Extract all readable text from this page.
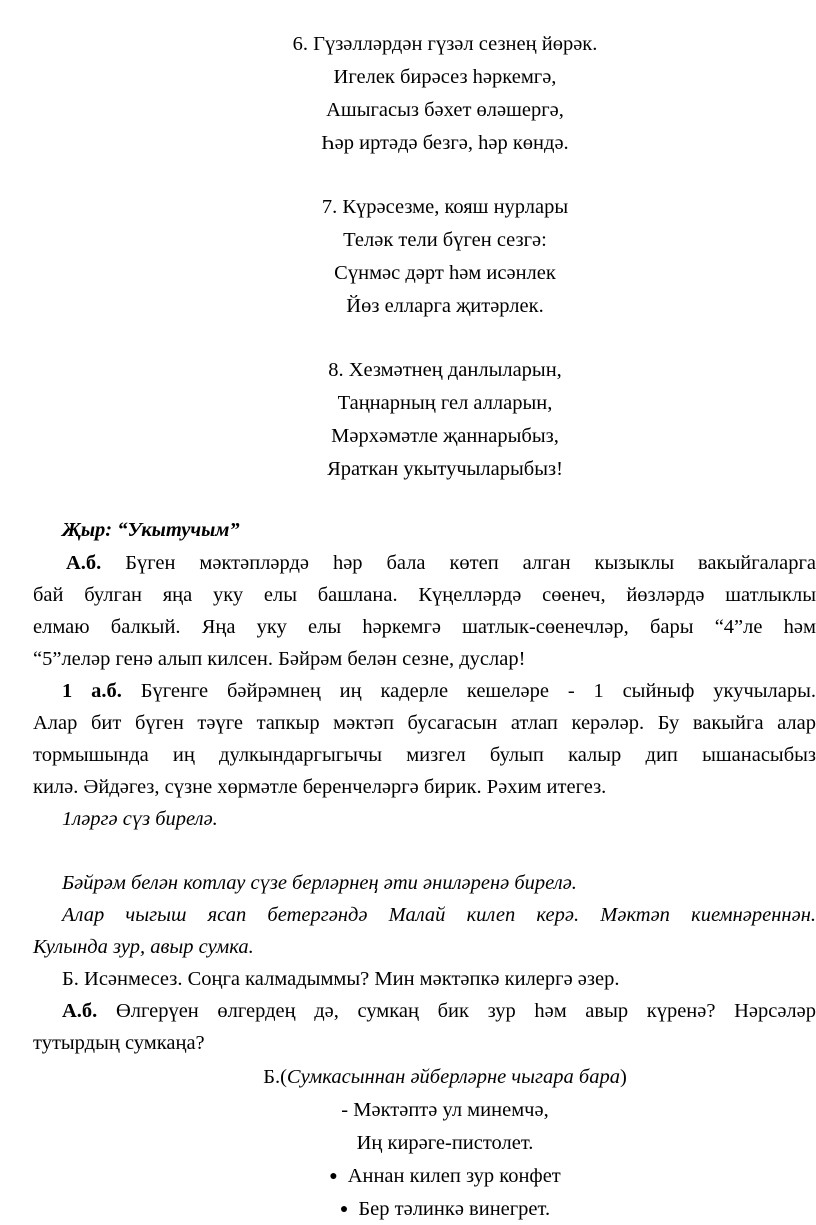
6. Гүзәлләрдән гүзәл сезнең йөрәк.
Игелек бирәсез һәркемгә,
Ашыгасыз бәхет өләшергә,
Һәр иртәдә безгә, һәр көндә.
7. Күрәсезме, кояш нурлары
Теләк тели бүген сезгә:
Сүнмәс дәрт һәм исәнлек
Йөз елларга җитәрлек.
8. Хезмәтнең данлыларын,
Таңнарның гел алларын,
Мәрхәмәтле җаннарыбыз,
Яраткан укытучыларыбыз!
Җыр: “Укытучым”
А.б. Бүген мәктәпләрдә һәр бала көтеп алган кызыклы вакыйгаларга
бай булган яңа уку елы башлана. Күңелләрдә сөенеч, йөзләрдә шатлыклы
елмаю балкый. Яңа уку елы һәркемгә шатлык-сөенечләр, бары “4”ле һәм
“5”леләр генә алып килсен. Бәйрәм белән сезне, дуслар!
1 а.б. Бүгенге бәйрәмнең иң кадерле кешеләре - 1 сыйныф укучылары.
Алар бит бүген тәүге тапкыр мәктәп бусагасын атлап керәләр. Бу вакыйга алар
тормышында иң дулкындаргыгычы мизгел булып калыр дип ышанасыбыз
килә. Әйдәгез, сүзне хөрмәтле беренчеләргә бирик. Рәхим итегез.
1ләргә сүз бирелә.
Бәйрәм белән котлау сүзе берләрнең әти әниләренә бирелә.
Алар чыгыш ясап бетергәндә Малай килеп керә. Мәктәп киемнәреннән.
Кулында зур, авыр сумка.
Б. Исәнмесез. Соңга калмадыммы? Мин мәктәпкә килергә әзер.
А.б. Өлгерүен өлгердең дә, сумкаң бик зур һәм авыр күренә? Нәрсәләр
тутырдың сумкаңа?
Б.(Сумкасыннан әйберләрне чыгара бара)
- Мәктәптә ул минемчә,
Иң кирәге-пистолет.
● Аннан килеп зур конфет
● Бер тәлинкә винегрет.
